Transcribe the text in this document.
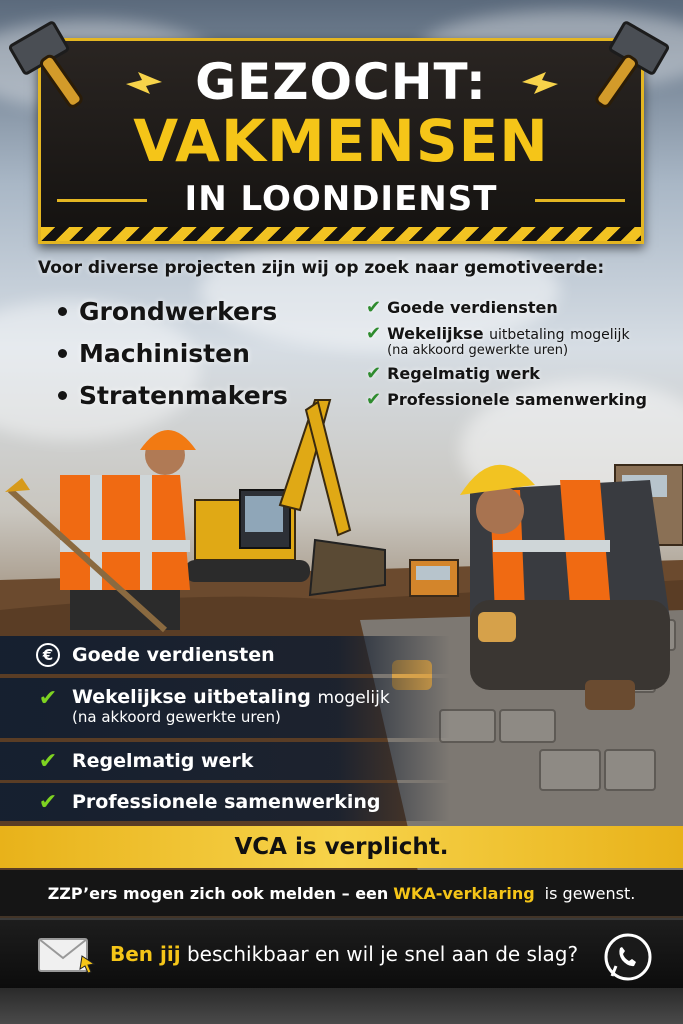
GEZOCHT:
VAKMENSEN
IN LOONDIENST
Voor diverse projecten zijn wij op zoek naar gemotiveerde:
Grondwerkers
Machinisten
Stratenmakers
✔ Goede verdiensten
✔ Wekelijkse uitbetaling mogelijk
(na akkoord gewerkte uren)
✔ Regelmatig werk
✔ Professionele samenwerking
€ Goede verdiensten
✔ Wekelijkse uitbetaling mogelijk
(na akkoord gewerkte uren)
✔ Regelmatig werk
✔ Professionele samenwerking
VCA is verplicht.
ZZP’ers mogen zich ook melden – een WKA-verklaring is gewenst.
Ben jij beschikbaar en wil je snel aan de slag?
